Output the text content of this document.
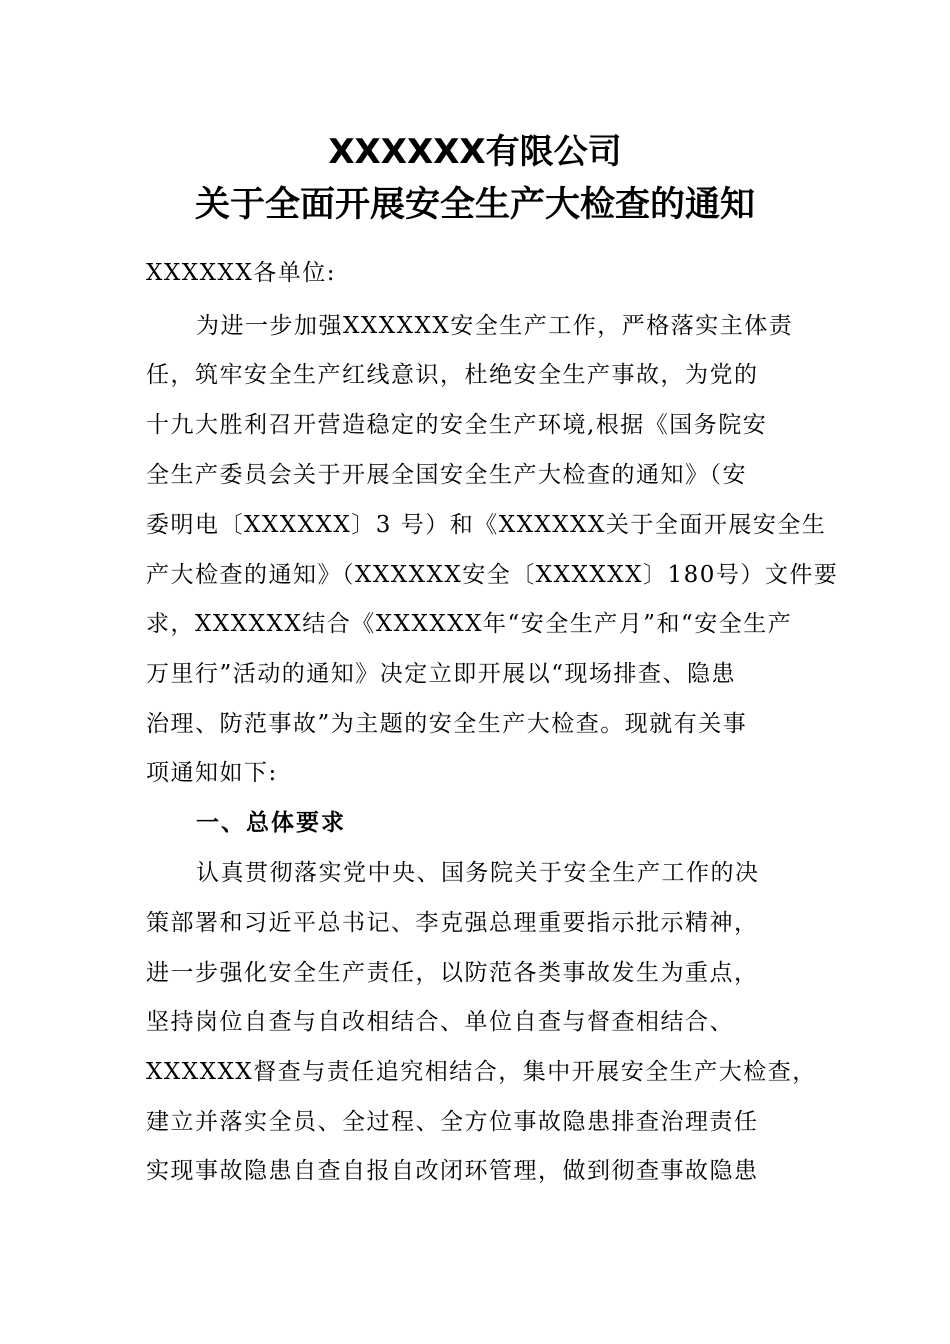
XXXXXX有限公司
关于全面开展安全生产大检查的通知
XXXXXX各单位:
为进一步加强XXXXXX安全生产工作，严格落实主体责
任，筑牢安全生产红线意识，杜绝安全生产事故，为党的
十九大胜利召开营造稳定的安全生产环境,根据《国务院安
全生产委员会关于开展全国安全生产大检查的通知》（安
委明电〔XXXXXX〕3 号）和《XXXXXX关于全面开展安全生
产大检查的通知》（XXXXXX安全〔XXXXXX〕180号）文件要
求，XXXXXX结合《XXXXXX年“安全生产月”和“安全生产
万里行”活动的通知》决定立即开展以“现场排查、隐患
治理、防范事故”为主题的安全生产大检查。现就有关事
项通知如下:
一、总体要求
认真贯彻落实党中央、国务院关于安全生产工作的决
策部署和习近平总书记、李克强总理重要指示批示精神，
进一步强化安全生产责任，以防范各类事故发生为重点，
坚持岗位自查与自改相结合、单位自查与督查相结合、
XXXXXX督查与责任追究相结合，集中开展安全生产大检查，
建立并落实全员、全过程、全方位事故隐患排查治理责任
实现事故隐患自查自报自改闭环管理，做到彻查事故隐患
